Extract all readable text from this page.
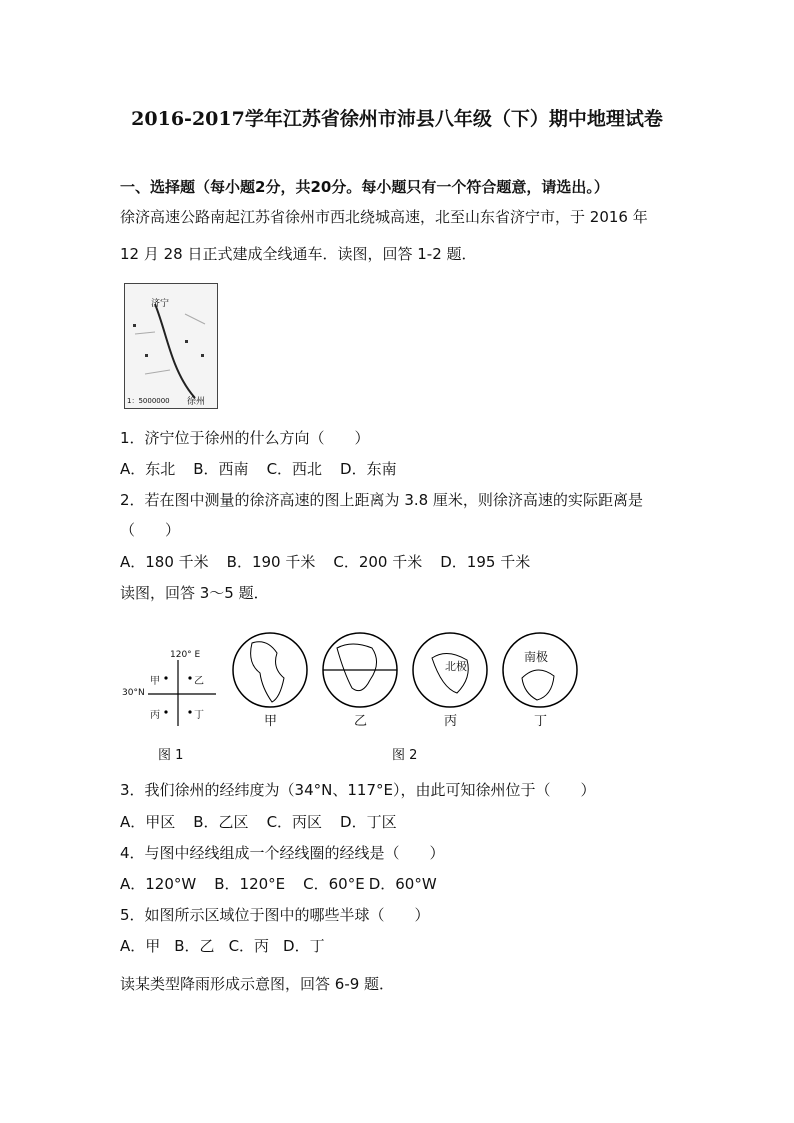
2016-2017学年江苏省徐州市沛县八年级（下）期中地理试卷
一、选择题（每小题2分，共20分。每小题只有一个符合题意，请选出。）
徐济高速公路南起江苏省徐州市西北绕城高速，北至山东省济宁市，于 2016 年
12 月 28 日正式建成全线通车．读图，回答 1-2 题．
济宁
徐州
1：5000000
1．济宁位于徐州的什么方向（　　）
A．东北 B．西南 C．西北 D．东南
2．若在图中测量的徐济高速的图上距离为 3.8 厘米，则徐济高速的实际距离是
（　　）
A．180 千米 B．190 千米 C．200 千米 D．195 千米
读图，回答 3～5 题．
120° E
30°N
甲	乙
丙	丁	甲	乙	丙	丁
北极
南极
图 1	图 2
3．我们徐州的经纬度为（34°N、117°E），由此可知徐州位于（　　）
A．甲区 B．乙区 C．丙区 D．丁区
4．与图中经线组成一个经线圈的经线是（　　）
A．120°W B．120°E C．60°E D．60°W
5．如图所示区域位于图中的哪些半球（　　）
A．甲 B．乙 C．丙 D．丁
读某类型降雨形成示意图，回答 6-9 题．
